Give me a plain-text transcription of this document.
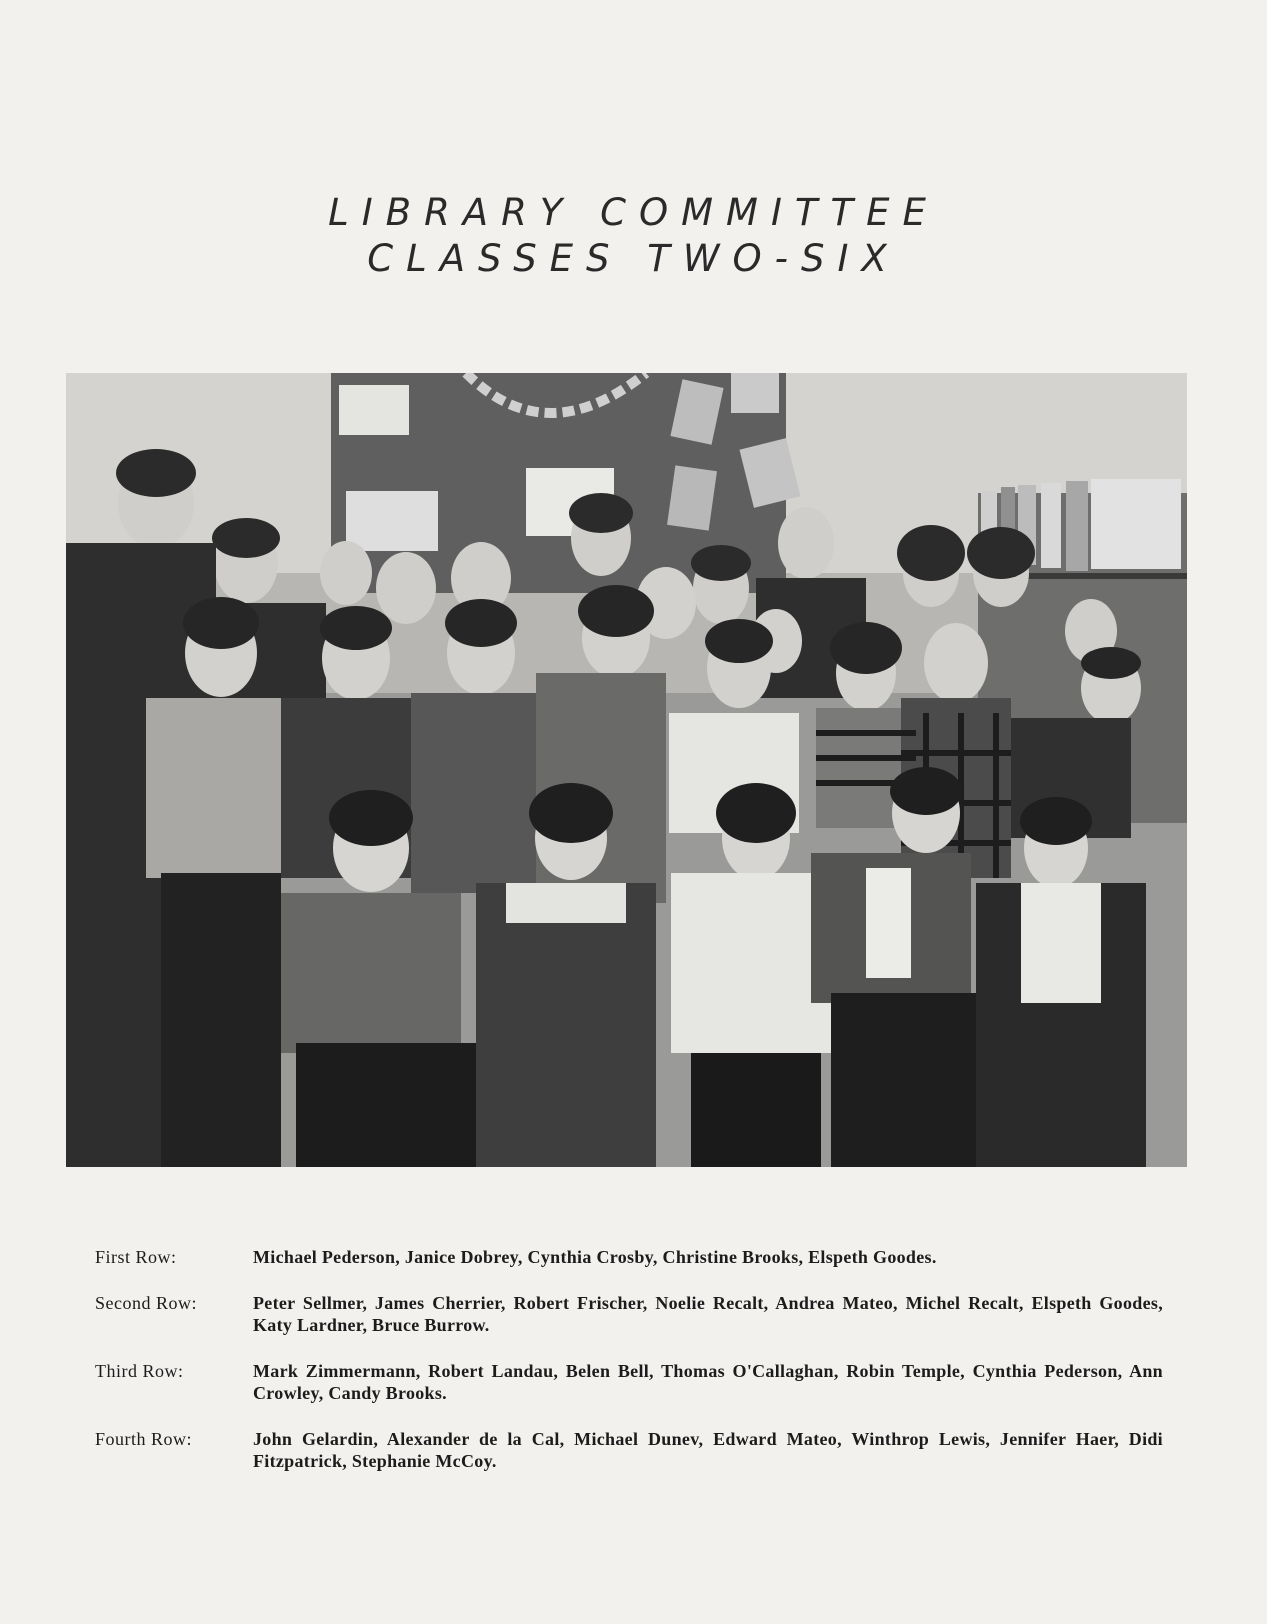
LIBRARY COMMITTEE
CLASSES TWO-SIX
First Row:	Michael Pederson, Janice Dobrey, Cynthia Crosby, Christine Brooks, Elspeth Goodes.
Second Row:	Peter Sellmer, James Cherrier, Robert Frischer, Noelie Recalt, Andrea Mateo, Michel Recalt, Elspeth Goodes, Katy Lardner, Bruce Burrow.
Third Row:	Mark Zimmermann, Robert Landau, Belen Bell, Thomas O'Callaghan, Robin Temple, Cynthia Pederson, Ann Crowley, Candy Brooks.
Fourth Row:	John Gelardin, Alexander de la Cal, Michael Dunev, Edward Mateo, Winthrop Lewis, Jennifer Haer, Didi Fitzpatrick, Stephanie McCoy.
